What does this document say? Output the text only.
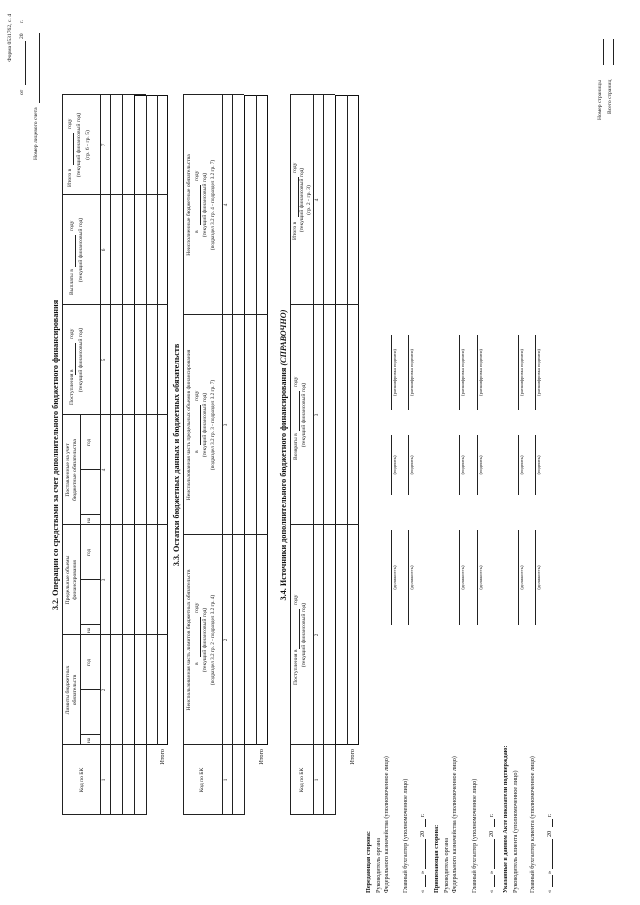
Форма 0531762, с. 4
от
20
г.
Номер лицевого счета
3.2. Операции со средствами за счет дополнительного бюджетного финансирования
Код по БК
Лимиты бюджетных обязательств
Предельные объемы финансирования
Поставленные на учет бюджетные обязательства
на
год
на
год
на
год
Поступления в
году (текущий финансовый год)
Выплаты в
году (текущий финансовый год)
Итого в
году (текущий финансовый год) (гр. 6 - гр. 5)
1
2
3
4
5
6
7
Итого
3.3. Остатки бюджетных данных и бюджетных обязательств
Код по БК
Неиспользованная часть лимитов бюджетных обязательств в
году (текущий финансовый год) (подраздел 3.2 гр. 2 - подраздел 3.2 гр. 4)
Неиспользованная часть предельных объемов финансирования в
году (текущий финансовый год) (подраздел 3.2 гр. 3 - подраздел 3.2 гр. 7)
Неисполненные бюджетные обязательства в
году (текущий финансовый год) (подраздел 3.2 гр. 4 - подраздел 3.2 гр. 7)
1
2
3
4
Итого
3.4. Источники дополнительного бюджетного финансирования (СПРАВОЧНО)
Код по БК
Поступления в
году
(текущий финансовый год)
Возвраты в
году
(текущий финансовый год)
Итого в
году (текущий финансовый год) (гр. 2 - гр. 3)
1
2
3
4
Итого
Передающая сторона: Руководитель органа Федерального казначейства (уполномоченное лицо)
(должность)
(подпись)
(расшифровка подписи)
Главный бухгалтер (уполномоченное лицо)
(должность)
(подпись)
(расшифровка подписи)
«
»
20
г.
Принимающая сторона: Руководитель органа Федерального казначейства (уполномоченное лицо)
(должность)
(подпись)
(расшифровка подписи)
Главный бухгалтер (уполномоченное лицо)
(должность)
(подпись)
(расшифровка подписи)
«
»
20
г. Указанные в данном Акте показатели подтверждаю: Руководитель клиента (уполномоченное лицо)
(должность)
(подпись)
(расшифровка подписи)
Главный бухгалтер клиента (уполномоченное лицо)
(должность)
(подпись)
(расшифровка подписи)
«
»
20
г.
Номер страницы Всего страниц
